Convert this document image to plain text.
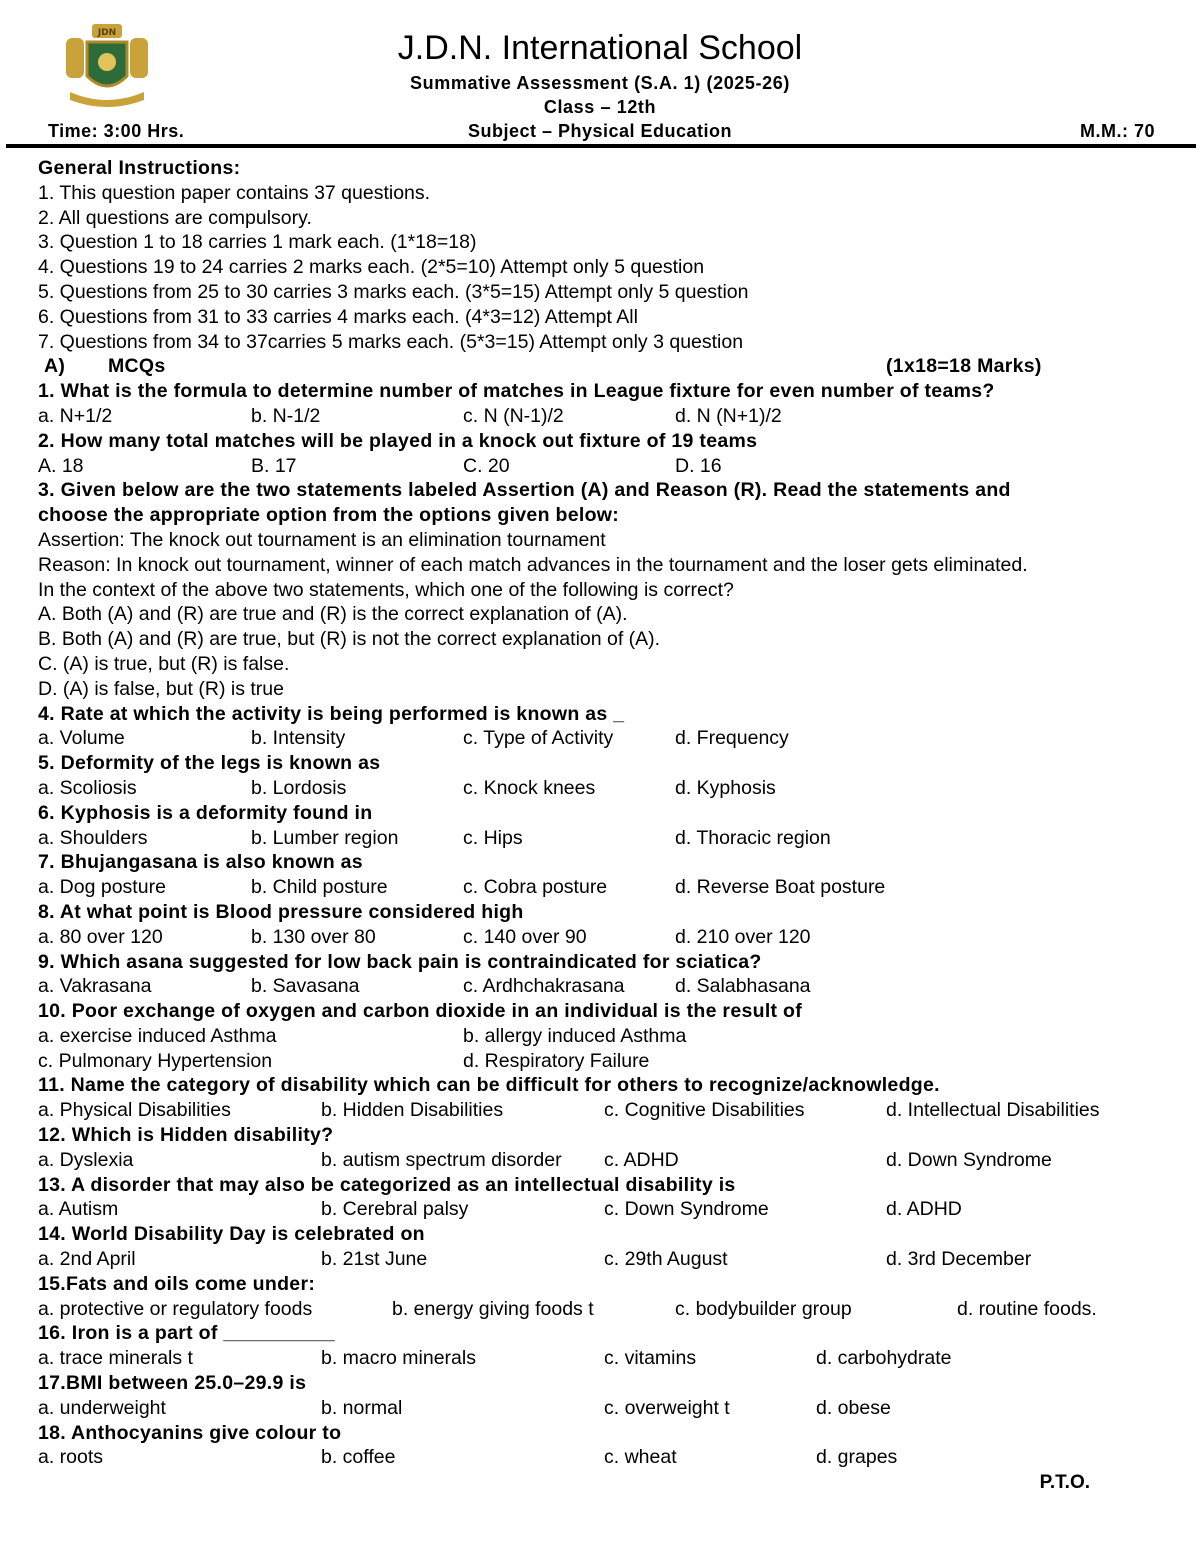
JDN	J.D.N. International School
Summative Assessment (S.A. 1) (2025-26)
Class – 12th
Subject – Physical Education
Time: 3:00 Hrs.	M.M.: 70
General Instructions:
1. This question paper contains 37 questions.
2. All questions are compulsory.
3. Question 1 to 18 carries 1 mark each. (1*18=18)
4. Questions 19 to 24 carries 2 marks each. (2*5=10) Attempt only 5 question
5. Questions from 25 to 30 carries 3 marks each. (3*5=15) Attempt only 5 question
6. Questions from 31 to 33 carries 4 marks each. (4*3=12) Attempt All
7. Questions from 34 to 37carries 5 marks each. (5*3=15) Attempt only 3 question
A) MCQs	(1x18=18 Marks)
1. What is the formula to determine number of matches in League fixture for even number of teams?
a. N+1/2	b. N-1/2	c. N (N-1)/2	d. N (N+1)/2
2. How many total matches will be played in a knock out fixture of 19 teams
A. 18	B. 17	C. 20	D. 16
3. Given below are the two statements labeled Assertion (A) and Reason (R). Read the statements and
choose the appropriate option from the options given below:
Assertion: The knock out tournament is an elimination tournament
Reason: In knock out tournament, winner of each match advances in the tournament and the loser gets eliminated.
In the context of the above two statements, which one of the following is correct?
A. Both (A) and (R) are true and (R) is the correct explanation of (A).
B. Both (A) and (R) are true, but (R) is not the correct explanation of (A).
C. (A) is true, but (R) is false.
D. (A) is false, but (R) is true
4. Rate at which the activity is being performed is known as _
a. Volume	b. Intensity	c. Type of Activity	d. Frequency
5. Deformity of the legs is known as
a. Scoliosis	b. Lordosis	c. Knock knees	d. Kyphosis
6. Kyphosis is a deformity found in
a. Shoulders	b. Lumber region	c. Hips	d. Thoracic region
7. Bhujangasana is also known as
a. Dog posture	b. Child posture	c. Cobra posture	d. Reverse Boat posture
8. At what point is Blood pressure considered high
a. 80 over 120	b. 130 over 80	c. 140 over 90	d. 210 over 120
9. Which asana suggested for low back pain is contraindicated for sciatica?
a. Vakrasana	b. Savasana	c. Ardhchakrasana	d. Salabhasana
10. Poor exchange of oxygen and carbon dioxide in an individual is the result of
a. exercise induced Asthma	b. allergy induced Asthma
c. Pulmonary Hypertension	d. Respiratory Failure
11. Name the category of disability which can be difficult for others to recognize/acknowledge.
a. Physical Disabilities	b. Hidden Disabilities	c. Cognitive Disabilities	d. Intellectual Disabilities
12. Which is Hidden disability?
a. Dyslexia	b. autism spectrum disorder c. ADHD	d. Down Syndrome
13. A disorder that may also be categorized as an intellectual disability is
a. Autism	b. Cerebral palsy	c. Down Syndrome	d. ADHD
14. World Disability Day is celebrated on
a. 2nd April	b. 21st June	c. 29th August	d. 3rd December
15.Fats and oils come under:
a. protective or regulatory foods	b. energy giving foods t	c. bodybuilder group	d. routine foods.
16. Iron is a part of __________
a. trace minerals t	b. macro minerals	c. vitamins	d. carbohydrate
17.BMI between 25.0–29.9 is
a. underweight	b. normal	c. overweight t	d. obese
18. Anthocyanins give colour to
a. roots	b. coffee	c. wheat	d. grapes
P.T.O.
